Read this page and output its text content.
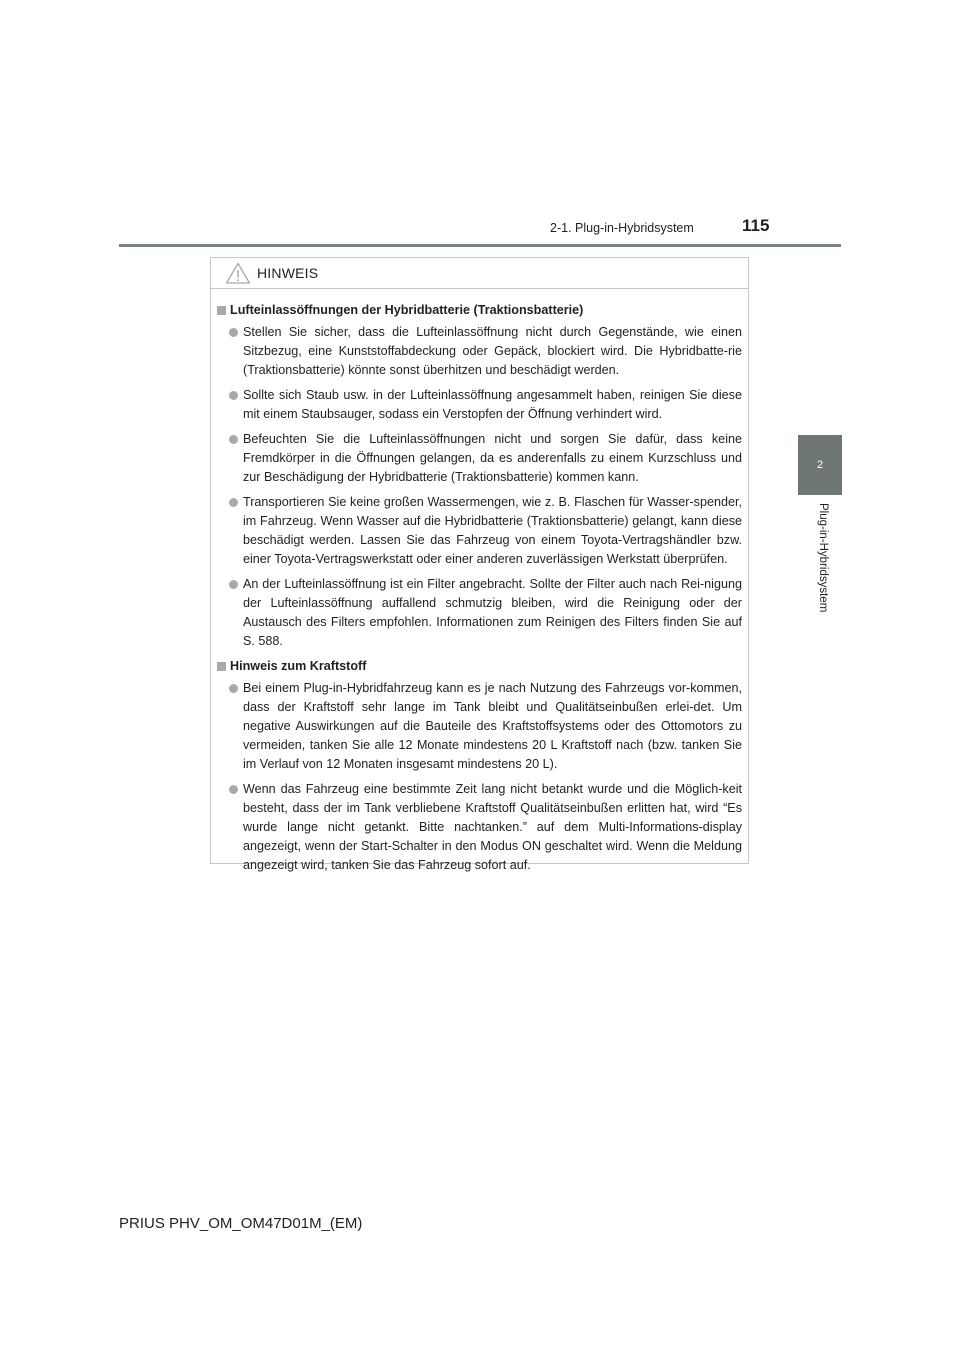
2-1. Plug-in-Hybridsystem	115
2
Plug-in-Hybridsystem
HINWEIS
Lufteinlassöffnungen der Hybridbatterie (Traktionsbatterie)
Stellen Sie sicher, dass die Lufteinlassöffnung nicht durch Gegenstände, wie einen Sitzbezug, eine Kunststoffabdeckung oder Gepäck, blockiert wird. Die Hybridbatte-rie (Traktionsbatterie) könnte sonst überhitzen und beschädigt werden.
Sollte sich Staub usw. in der Lufteinlassöffnung angesammelt haben, reinigen Sie diese mit einem Staubsauger, sodass ein Verstopfen der Öffnung verhindert wird.
Befeuchten Sie die Lufteinlassöffnungen nicht und sorgen Sie dafür, dass keine Fremdkörper in die Öffnungen gelangen, da es anderenfalls zu einem Kurzschluss und zur Beschädigung der Hybridbatterie (Traktionsbatterie) kommen kann.
Transportieren Sie keine großen Wassermengen, wie z. B. Flaschen für Wasser-spender, im Fahrzeug. Wenn Wasser auf die Hybridbatterie (Traktionsbatterie) gelangt, kann diese beschädigt werden. Lassen Sie das Fahrzeug von einem Toyota-Vertragshändler bzw. einer Toyota-Vertragswerkstatt oder einer anderen zuverlässigen Werkstatt überprüfen.
An der Lufteinlassöffnung ist ein Filter angebracht. Sollte der Filter auch nach Rei-nigung der Lufteinlassöffnung auffallend schmutzig bleiben, wird die Reinigung oder der Austausch des Filters empfohlen. Informationen zum Reinigen des Filters finden Sie auf S. 588.
Hinweis zum Kraftstoff
Bei einem Plug-in-Hybridfahrzeug kann es je nach Nutzung des Fahrzeugs vor-kommen, dass der Kraftstoff sehr lange im Tank bleibt und Qualitätseinbußen erlei-det. Um negative Auswirkungen auf die Bauteile des Kraftstoffsystems oder des Ottomotors zu vermeiden, tanken Sie alle 12 Monate mindestens 20 L Kraftstoff nach (bzw. tanken Sie im Verlauf von 12 Monaten insgesamt mindestens 20 L).
Wenn das Fahrzeug eine bestimmte Zeit lang nicht betankt wurde und die Möglich-keit besteht, dass der im Tank verbliebene Kraftstoff Qualitätseinbußen erlitten hat, wird “Es wurde lange nicht getankt. Bitte nachtanken.” auf dem Multi-Informations-display angezeigt, wenn der Start-Schalter in den Modus ON geschaltet wird. Wenn die Meldung angezeigt wird, tanken Sie das Fahrzeug sofort auf.
PRIUS PHV_OM_OM47D01M_(EM)
